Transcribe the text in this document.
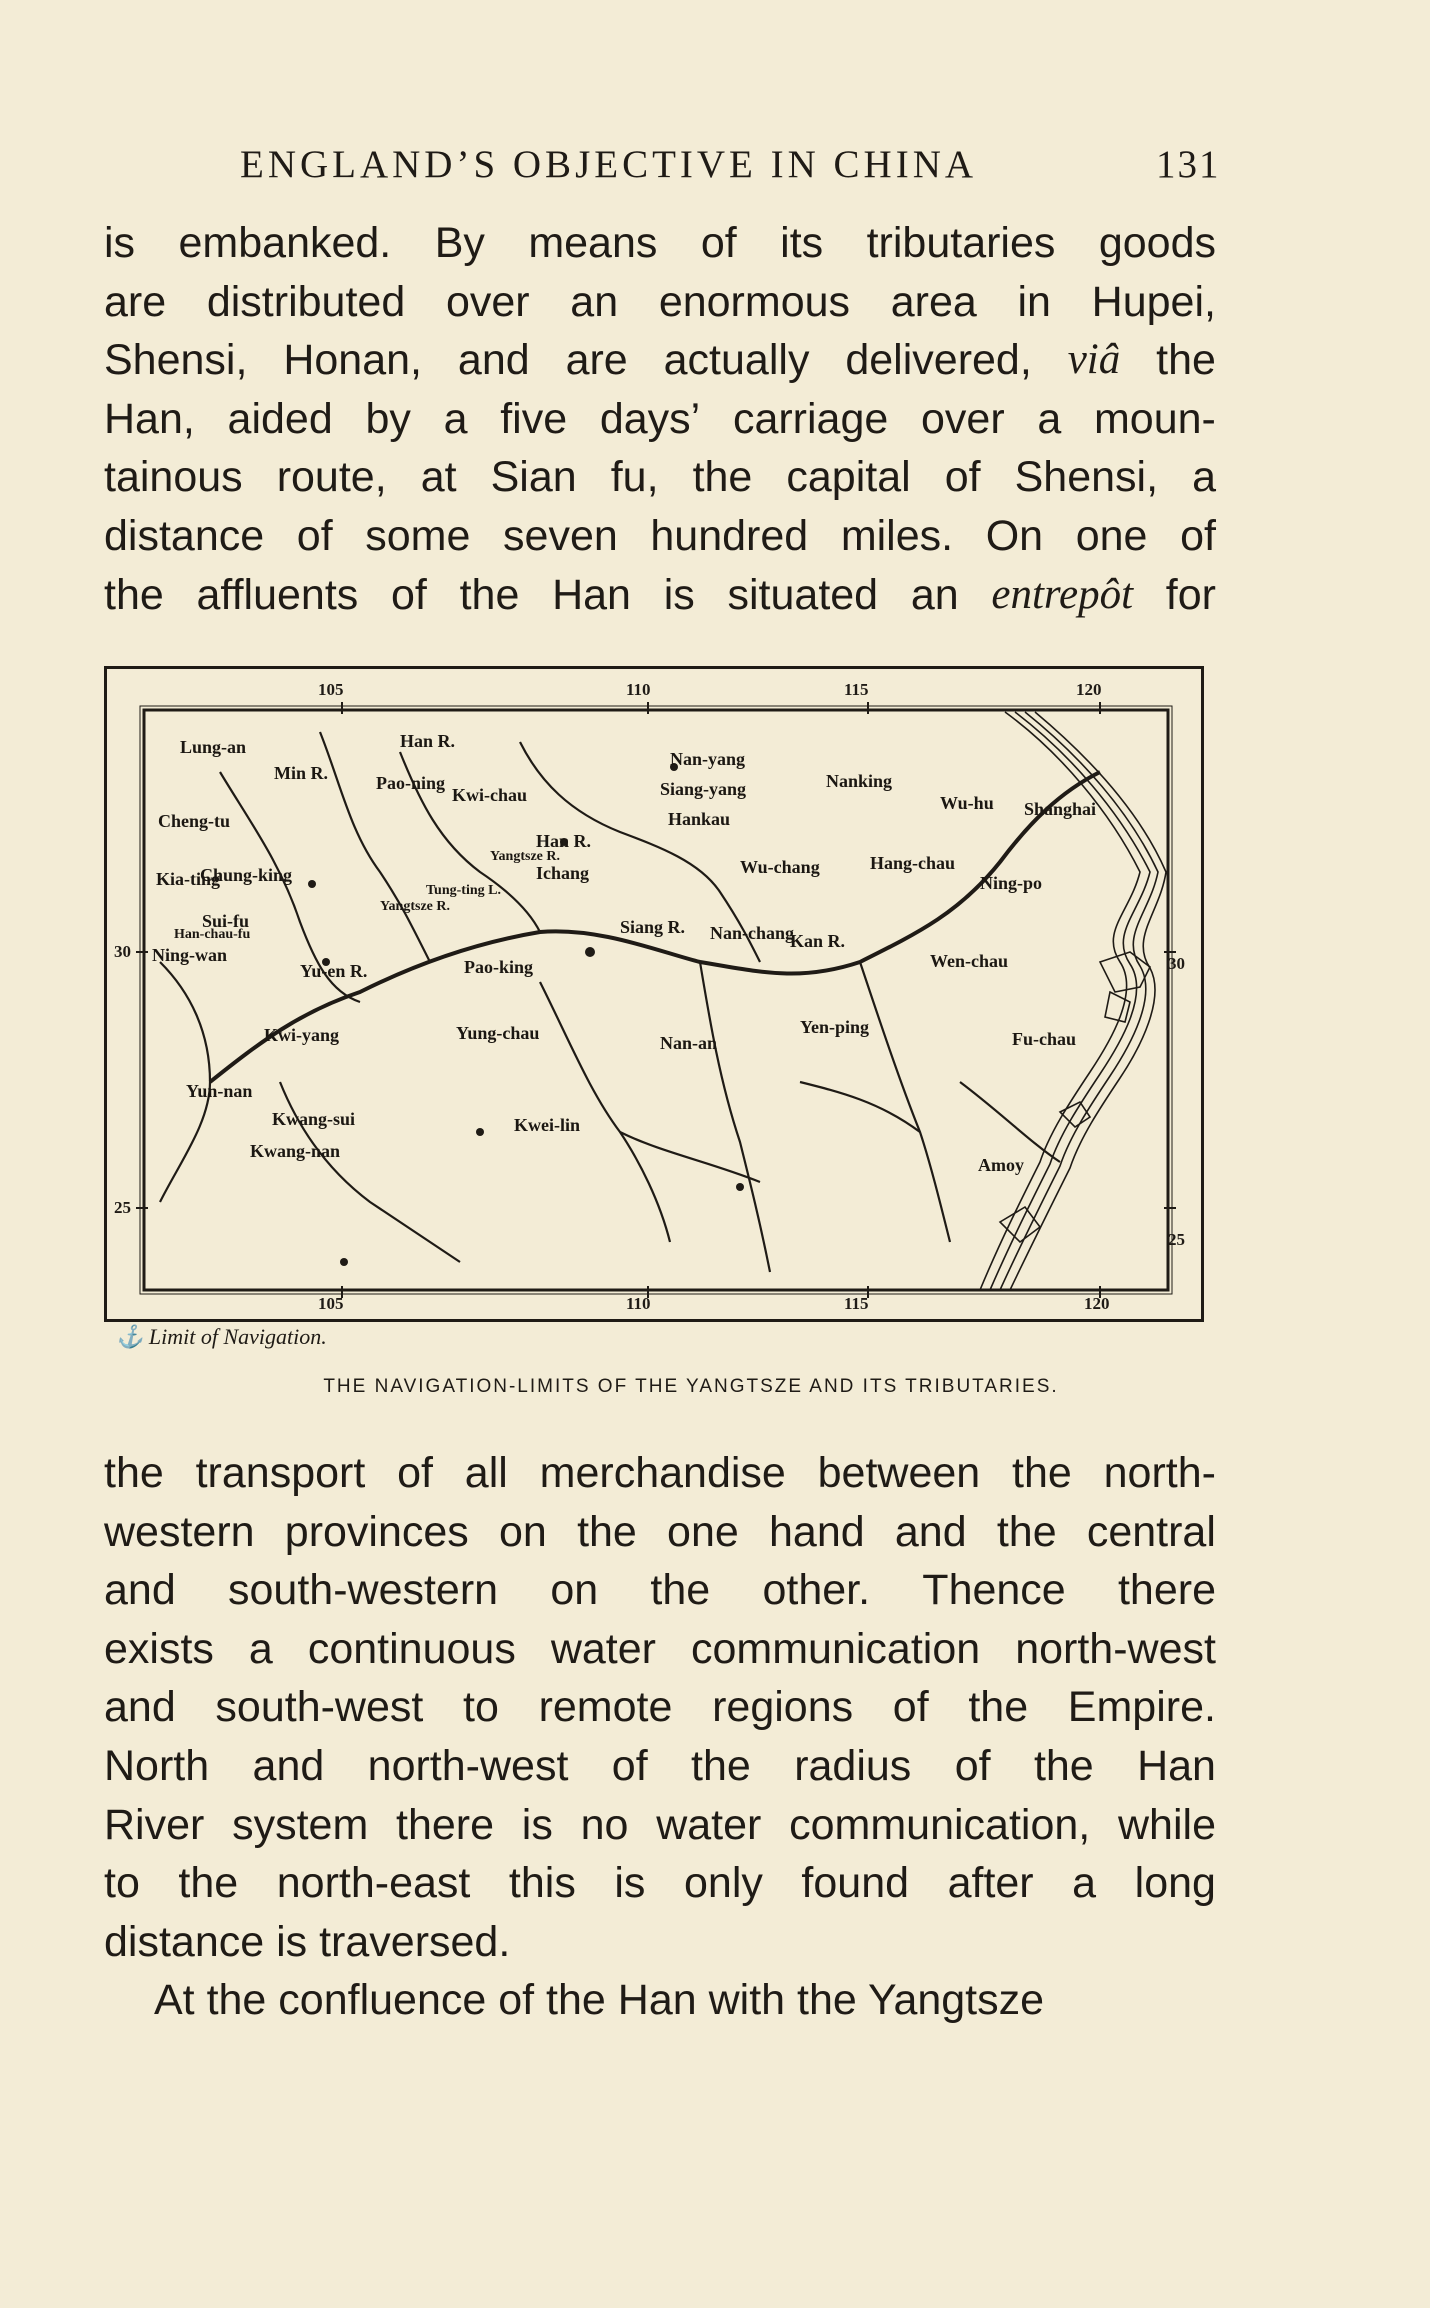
ENGLAND’S OBJECTIVE IN CHINA	131
is embanked. By means of its tributaries goods
are distributed over an enormous area in Hupei,
Shensi, Honan, and are actually delivered, viâ the
Han, aided by a five days’ carriage over a moun-
tainous route, at Sian fu, the capital of Shensi, a
distance of some seven hundred miles. On one of
the affluents of the Han is situated an entrepôt for
105	110	115	120
105	110	115	120
30
25
30
25
Lung-an	Han R.
Nan-yang
Min R.	Pao-ning
Kwi-chau	Siang-yang	Nanking
Cheng-tu
Han R.
Wu-hu Shanghai
Chung-king
Hankau
Kia-ting	Ichang	Hang-chau
Ning-po
Tung-ting L.
Wu-chang
Sui-fu
Yangtsze R.
Han-chau-fu
Ning-wan
Nan-chang
Wen-chau
Pao-king
Kan R.
Kwi-yang	Yung-chau	Nan-an
Yen-ping
Fu-chau
Yun-nan
Kwang-sui	Kwei-lin
Kwang-nan
Amoy
Yangtsze R.
Siang R.
Yu-en R.
⚓ Limit of Navigation.
THE NAVIGATION-LIMITS OF THE YANGTSZE AND ITS TRIBUTARIES.
the transport of all merchandise between the north-
western provinces on the one hand and the central
and south-western on the other. Thence there
exists a continuous water communication north-west
and south-west to remote regions of the Empire.
North and north-west of the radius of the Han
River system there is no water communication, while
to the north-east this is only found after a long
distance is traversed.
At the confluence of the Han with the Yangtsze
